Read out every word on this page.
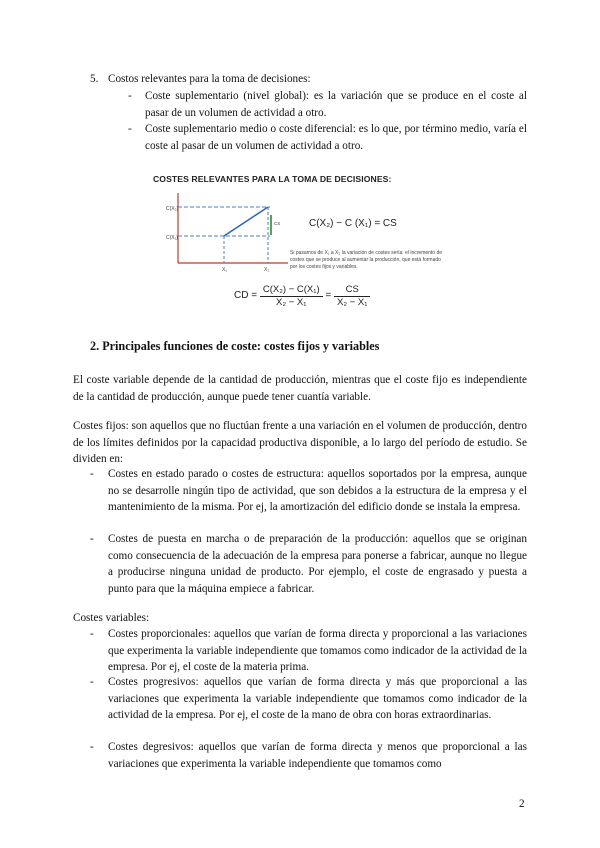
5. Costos relevantes para la toma de decisiones:
- Coste suplementario (nivel global): es la variación que se produce en el coste al pasar de un volumen de actividad a otro.
- Coste suplementario medio o coste diferencial: es lo que, por término medio, varía el coste al pasar de un volumen de actividad a otro.
COSTES RELEVANTES PARA LA TOMA DE DECISIONES:
C(X₂)
C(X₁)
X₁	X₂
CS	C(X₂) − C (X₁) = CS
Si pasamos de X₁ a X₂ la variación de costes sería: el incremento de costes que se produce al aumentar la producción, que está formado por los costes fijos y variables.
CD = $\frac{\text{C(X₂) − C(X₁)}}{\text{X₂ − X₁}} = \frac{CS}{\text{X₂ − X₁}}$
2. Principales funciones de coste: costes fijos y variables
El coste variable depende de la cantidad de producción, mientras que el coste fijo es independiente de la cantidad de producción, aunque puede tener cuantía variable.
Costes fijos: son aquellos que no fluctúan frente a una variación en el volumen de producción, dentro de los límites definidos por la capacidad productiva disponible, a lo largo del período de estudio. Se dividen en:
- Costes en estado parado o costes de estructura: aquellos soportados por la empresa, aunque no se desarrolle ningún tipo de actividad, que son debidos a la estructura de la empresa y el mantenimiento de la misma. Por ej, la amortización del edificio donde se instala la empresa.
- Costes de puesta en marcha o de preparación de la producción: aquellos que se originan como consecuencia de la adecuación de la empresa para ponerse a fabricar, aunque no llegue a producirse ninguna unidad de producto. Por ejemplo, el coste de engrasado y puesta a punto para que la máquina empiece a fabricar.
Costes variables:
- Costes proporcionales: aquellos que varían de forma directa y proporcional a las variaciones que experimenta la variable independiente que tomamos como indicador de la actividad de la empresa. Por ej, el coste de la materia prima.
- Costes progresivos: aquellos que varían de forma directa y más que proporcional a las variaciones que experimenta la variable independiente que tomamos como indicador de la actividad de la empresa. Por ej, el coste de la mano de obra con horas extraordinarias.
- Costes degresivos: aquellos que varían de forma directa y menos que proporcional a las variaciones que experimenta la variable independiente que tomamos como
2
